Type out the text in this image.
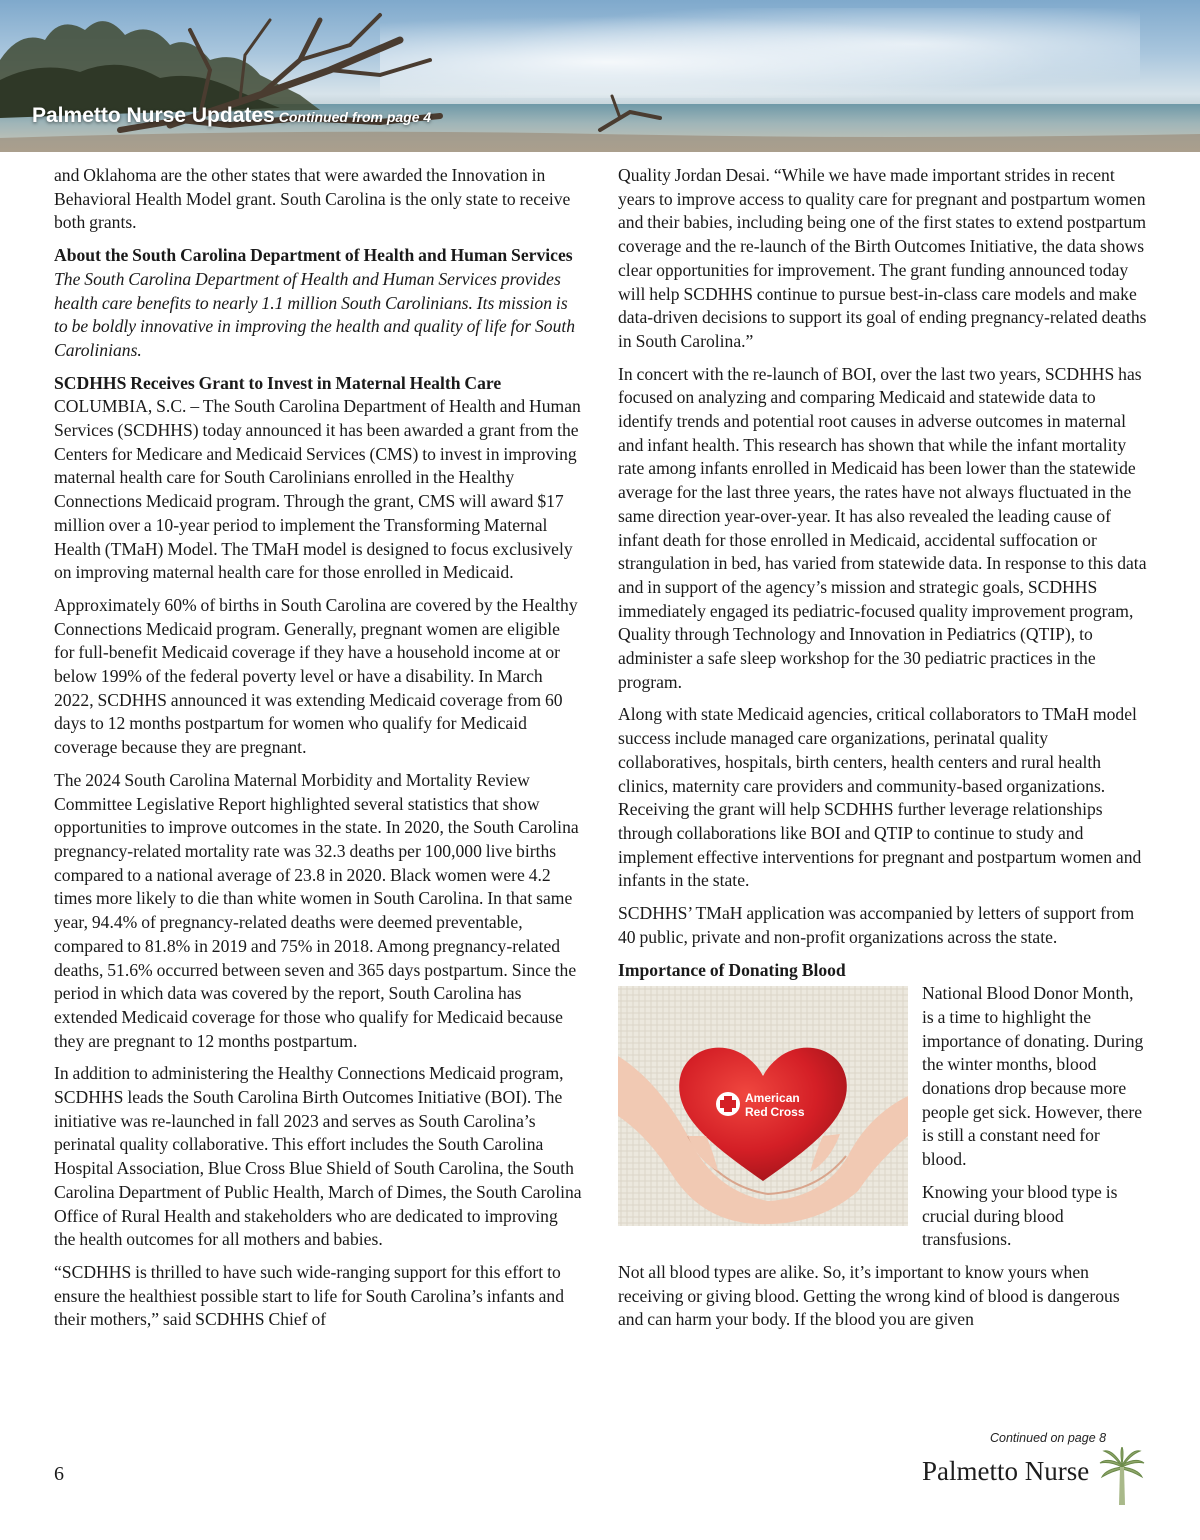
Palmetto Nurse Updates Continued from page 4

and Oklahoma are the other states that were awarded the Innovation in Behavioral Health Model grant. South Carolina is the only state to receive both grants.

About the South Carolina Department of Health and Human Services

The South Carolina Department of Health and Human Services provides health care benefits to nearly 1.1 million South Carolinians. Its mission is to be boldly innovative in improving the health and quality of life for South Carolinians.

SCDHHS Receives Grant to Invest in Maternal Health Care

COLUMBIA, S.C. – The South Carolina Department of Health and Human Services (SCDHHS) today announced it has been awarded a grant from the Centers for Medicare and Medicaid Services (CMS) to invest in improving maternal health care for South Carolinians enrolled in the Healthy Connections Medicaid program. Through the grant, CMS will award $17 million over a 10-year period to implement the Transforming Maternal Health (TMaH) Model. The TMaH model is designed to focus exclusively on improving maternal health care for those enrolled in Medicaid.

Approximately 60% of births in South Carolina are covered by the Healthy Connections Medicaid program. Generally, pregnant women are eligible for full-benefit Medicaid coverage if they have a household income at or below 199% of the federal poverty level or have a disability. In March 2022, SCDHHS announced it was extending Medicaid coverage from 60 days to 12 months postpartum for women who qualify for Medicaid coverage because they are pregnant.

The 2024 South Carolina Maternal Morbidity and Mortality Review Committee Legislative Report highlighted several statistics that show opportunities to improve outcomes in the state. In 2020, the South Carolina pregnancy-related mortality rate was 32.3 deaths per 100,000 live births compared to a national average of 23.8 in 2020. Black women were 4.2 times more likely to die than white women in South Carolina. In that same year, 94.4% of pregnancy-related deaths were deemed preventable, compared to 81.8% in 2019 and 75% in 2018. Among pregnancy-related deaths, 51.6% occurred between seven and 365 days postpartum. Since the period in which data was covered by the report, South Carolina has extended Medicaid coverage for those who qualify for Medicaid because they are pregnant to 12 months postpartum.

In addition to administering the Healthy Connections Medicaid program, SCDHHS leads the South Carolina Birth Outcomes Initiative (BOI). The initiative was re-launched in fall 2023 and serves as South Carolina’s perinatal quality collaborative. This effort includes the South Carolina Hospital Association, Blue Cross Blue Shield of South Carolina, the South Carolina Department of Public Health, March of Dimes, the South Carolina Office of Rural Health and stakeholders who are dedicated to improving the health outcomes for all mothers and babies.

“SCDHHS is thrilled to have such wide-ranging support for this effort to ensure the healthiest possible start to life for South Carolina’s infants and their mothers,” said SCDHHS Chief of

Quality Jordan Desai. “While we have made important strides in recent years to improve access to quality care for pregnant and postpartum women and their babies, including being one of the first states to extend postpartum coverage and the re-launch of the Birth Outcomes Initiative, the data shows clear opportunities for improvement. The grant funding announced today will help SCDHHS continue to pursue best-in-class care models and make data-driven decisions to support its goal of ending pregnancy-related deaths in South Carolina.”

In concert with the re-launch of BOI, over the last two years, SCDHHS has focused on analyzing and comparing Medicaid and statewide data to identify trends and potential root causes in adverse outcomes in maternal and infant health. This research has shown that while the infant mortality rate among infants enrolled in Medicaid has been lower than the statewide average for the last three years, the rates have not always fluctuated in the same direction year-over-year. It has also revealed the leading cause of infant death for those enrolled in Medicaid, accidental suffocation or strangulation in bed, has varied from statewide data. In response to this data and in support of the agency’s mission and strategic goals, SCDHHS immediately engaged its pediatric-focused quality improvement program, Quality through Technology and Innovation in Pediatrics (QTIP), to administer a safe sleep workshop for the 30 pediatric practices in the program.

Along with state Medicaid agencies, critical collaborators to TMaH model success include managed care organizations, perinatal quality collaboratives, hospitals, birth centers, health centers and rural health clinics, maternity care providers and community-based organizations. Receiving the grant will help SCDHHS further leverage relationships through collaborations like BOI and QTIP to continue to study and implement effective interventions for pregnant and postpartum women and infants in the state.

SCDHHS’ TMaH application was accompanied by letters of support from 40 public, private and non-profit organizations across the state.

Importance of Donating Blood

American
Red Cross

National Blood Donor Month, is a time to highlight the importance of donating. During the winter months, blood donations drop because more people get sick. However, there is still a constant need for blood.

Knowing your blood type is crucial during blood transfusions.

Not all blood types are alike. So, it’s important to know yours when receiving or giving blood. Getting the wrong kind of blood is dangerous and can harm your body. If the blood you are given

Continued on page 8
6	Palmetto Nurse
